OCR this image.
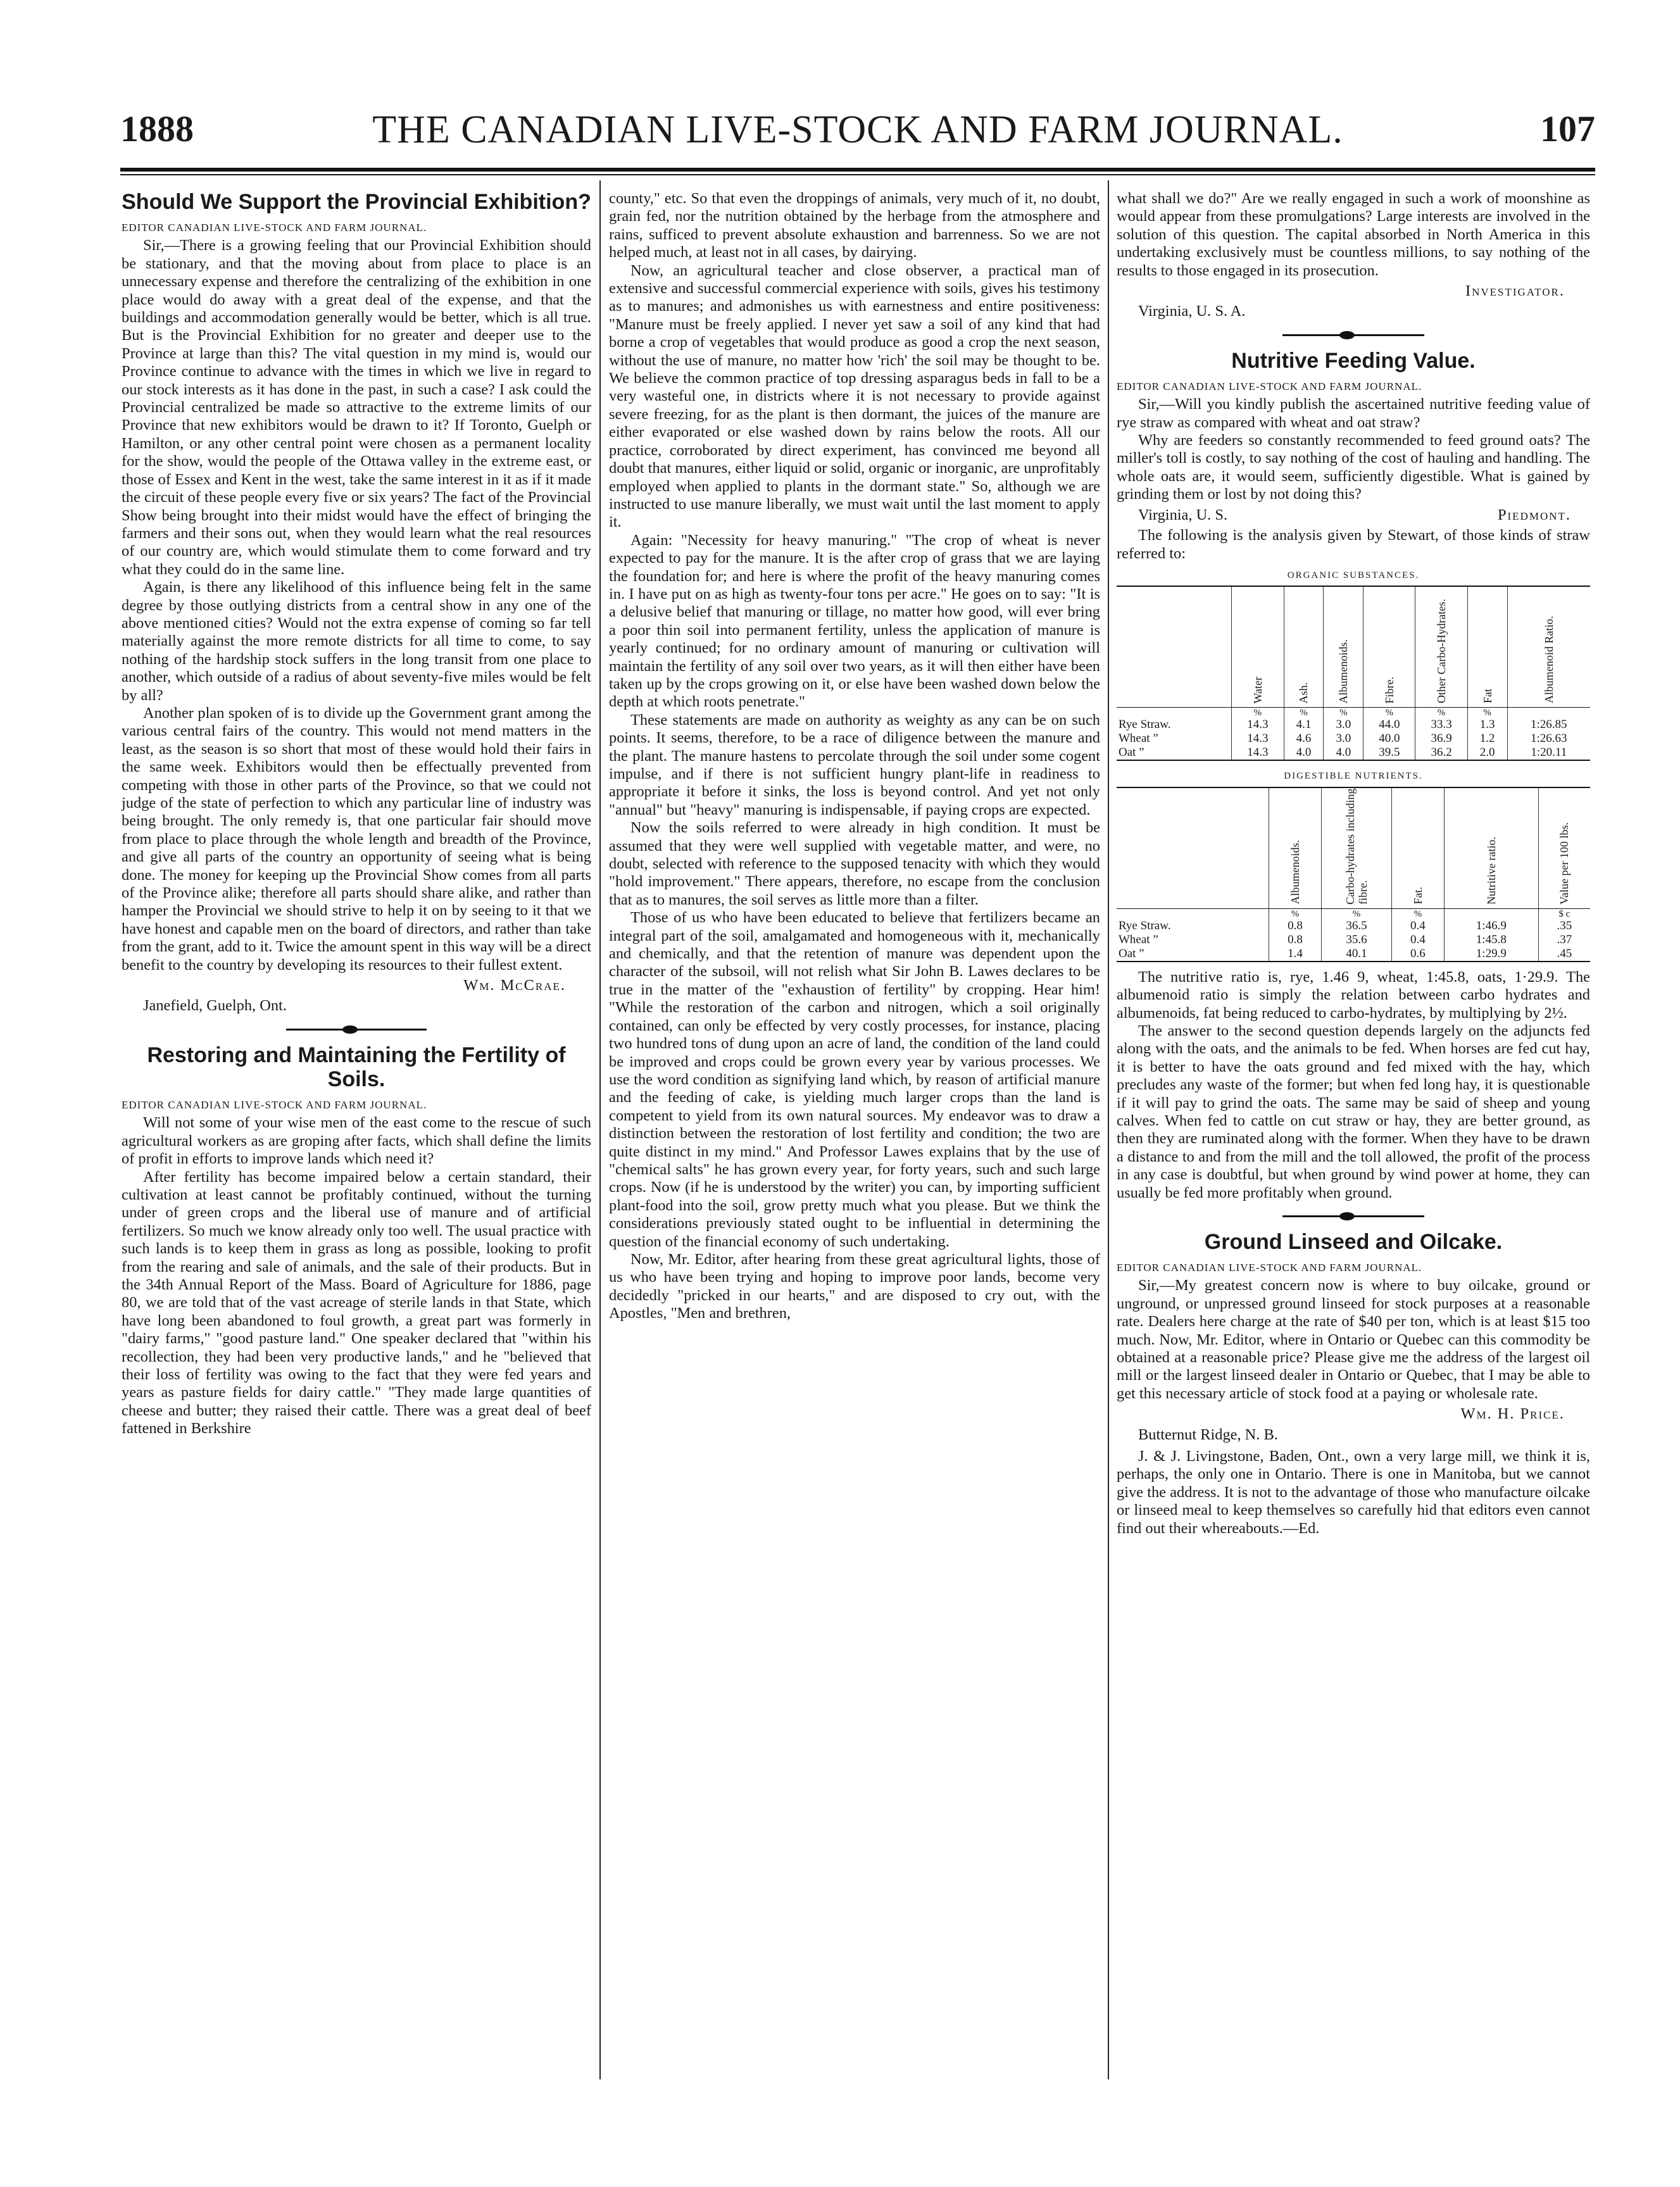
1888	THE CANADIAN LIVE-STOCK AND FARM JOURNAL.	107
Should We Support the Provincial Exhibition?

EDITOR CANADIAN LIVE-STOCK AND FARM JOURNAL.

Sir,—There is a growing feeling that our Provincial Exhibition should be stationary, and that the moving about from place to place is an unnecessary expense and therefore the centralizing of the exhibition in one place would do away with a great deal of the expense, and that the buildings and accommodation generally would be better, which is all true. But is the Provincial Exhibition for no greater and deeper use to the Province at large than this? The vital question in my mind is, would our Province continue to advance with the times in which we live in regard to our stock interests as it has done in the past, in such a case? I ask could the Provincial centralized be made so attractive to the extreme limits of our Province that new exhibitors would be drawn to it? If Toronto, Guelph or Hamilton, or any other central point were chosen as a permanent locality for the show, would the people of the Ottawa valley in the extreme east, or those of Essex and Kent in the west, take the same interest in it as if it made the circuit of these people every five or six years? The fact of the Provincial Show being brought into their midst would have the effect of bringing the farmers and their sons out, when they would learn what the real resources of our country are, which would stimulate them to come forward and try what they could do in the same line.

Again, is there any likelihood of this influence being felt in the same degree by those outlying districts from a central show in any one of the above mentioned cities? Would not the extra expense of coming so far tell materially against the more remote districts for all time to come, to say nothing of the hardship stock suffers in the long transit from one place to another, which outside of a radius of about seventy-five miles would be felt by all?

Another plan spoken of is to divide up the Government grant among the various central fairs of the country. This would not mend matters in the least, as the season is so short that most of these would hold their fairs in the same week. Exhibitors would then be effectually prevented from competing with those in other parts of the Province, so that we could not judge of the state of perfection to which any particular line of industry was being brought. The only remedy is, that one particular fair should move from place to place through the whole length and breadth of the Province, and give all parts of the country an opportunity of seeing what is being done. The money for keeping up the Provincial Show comes from all parts of the Province alike; therefore all parts should share alike, and rather than hamper the Provincial we should strive to help it on by seeing to it that we have honest and capable men on the board of directors, and rather than take from the grant, add to it. Twice the amount spent in this way will be a direct benefit to the country by developing its resources to their fullest extent.

Wm. McCrae.

Janefield, Guelph, Ont.

Restoring and Maintaining the Fertility of Soils.

EDITOR CANADIAN LIVE-STOCK AND FARM JOURNAL.

Will not some of your wise men of the east come to the rescue of such agricultural workers as are groping after facts, which shall define the limits of profit in efforts to improve lands which need it?

After fertility has become impaired below a certain standard, their cultivation at least cannot be profitably continued, without the turning under of green crops and the liberal use of manure and of artificial fertilizers. So much we know already only too well. The usual practice with such lands is to keep them in grass as long as possible, looking to profit from the rearing and sale of animals, and the sale of their products. But in the 34th Annual Report of the Mass. Board of Agriculture for 1886, page 80, we are told that of the vast acreage of sterile lands in that State, which have long been abandoned to foul growth, a great part was formerly in "dairy farms," "good pasture land." One speaker declared that "within his recollection, they had been very productive lands," and he "believed that their loss of fertility was owing to the fact that they were fed years and years as pasture fields for dairy cattle." "They made large quantities of cheese and butter; they raised their cattle. There was a great deal of beef fattened in Berkshire

county," etc. So that even the droppings of animals, very much of it, no doubt, grain fed, nor the nutrition obtained by the herbage from the atmosphere and rains, sufficed to prevent absolute exhaustion and barrenness. So we are not helped much, at least not in all cases, by dairying.

Now, an agricultural teacher and close observer, a practical man of extensive and successful commercial experience with soils, gives his testimony as to manures; and admonishes us with earnestness and entire positiveness: "Manure must be freely applied. I never yet saw a soil of any kind that had borne a crop of vegetables that would produce as good a crop the next season, without the use of manure, no matter how 'rich' the soil may be thought to be. We believe the common practice of top dressing asparagus beds in fall to be a very wasteful one, in districts where it is not necessary to provide against severe freezing, for as the plant is then dormant, the juices of the manure are either evaporated or else washed down by rains below the roots. All our practice, corroborated by direct experiment, has convinced me beyond all doubt that manures, either liquid or solid, organic or inorganic, are unprofitably employed when applied to plants in the dormant state." So, although we are instructed to use manure liberally, we must wait until the last moment to apply it.

Again: "Necessity for heavy manuring." "The crop of wheat is never expected to pay for the manure. It is the after crop of grass that we are laying the foundation for; and here is where the profit of the heavy manuring comes in. I have put on as high as twenty-four tons per acre." He goes on to say: "It is a delusive belief that manuring or tillage, no matter how good, will ever bring a poor thin soil into permanent fertility, unless the application of manure is yearly continued; for no ordinary amount of manuring or cultivation will maintain the fertility of any soil over two years, as it will then either have been taken up by the crops growing on it, or else have been washed down below the depth at which roots penetrate."

These statements are made on authority as weighty as any can be on such points. It seems, therefore, to be a race of diligence between the manure and the plant. The manure hastens to percolate through the soil under some cogent impulse, and if there is not sufficient hungry plant-life in readiness to appropriate it before it sinks, the loss is beyond control. And yet not only "annual" but "heavy" manuring is indispensable, if paying crops are expected.

Now the soils referred to were already in high condition. It must be assumed that they were well supplied with vegetable matter, and were, no doubt, selected with reference to the supposed tenacity with which they would "hold improvement." There appears, therefore, no escape from the conclusion that as to manures, the soil serves as little more than a filter.

Those of us who have been educated to believe that fertilizers became an integral part of the soil, amalgamated and homogeneous with it, mechanically and chemically, and that the retention of manure was dependent upon the character of the subsoil, will not relish what Sir John B. Lawes declares to be true in the matter of the "exhaustion of fertility" by cropping. Hear him! "While the restoration of the carbon and nitrogen, which a soil originally contained, can only be effected by very costly processes, for instance, placing two hundred tons of dung upon an acre of land, the condition of the land could be improved and crops could be grown every year by various processes. We use the word condition as signifying land which, by reason of artificial manure and the feeding of cake, is yielding much larger crops than the land is competent to yield from its own natural sources. My endeavor was to draw a distinction between the restoration of lost fertility and condition; the two are quite distinct in my mind." And Professor Lawes explains that by the use of "chemical salts" he has grown every year, for forty years, such and such large crops. Now (if he is understood by the writer) you can, by importing sufficient plant-food into the soil, grow pretty much what you please. But we think the considerations previously stated ought to be influential in determining the question of the financial economy of such undertaking.

Now, Mr. Editor, after hearing from these great agricultural lights, those of us who have been trying and hoping to improve poor lands, become very decidedly "pricked in our hearts," and are disposed to cry out, with the Apostles, "Men and brethren,

what shall we do?" Are we really engaged in such a work of moonshine as would appear from these promulgations? Large interests are involved in the solution of this question. The capital absorbed in North America in this undertaking exclusively must be countless millions, to say nothing of the results to those engaged in its prosecution.

Investigator.

Virginia, U. S. A.

Nutritive Feeding Value.

EDITOR CANADIAN LIVE-STOCK AND FARM JOURNAL.

Sir,—Will you kindly publish the ascertained nutritive feeding value of rye straw as compared with wheat and oat straw?

Why are feeders so constantly recommended to feed ground oats? The miller's toll is costly, to say nothing of the cost of hauling and handling. The whole oats are, it would seem, sufficiently digestible. What is gained by grinding them or lost by not doing this?

Virginia, U. S.	Piedmont.

The following is the analysis given by Stewart, of those kinds of straw referred to:

ORGANIC SUBSTANCES.

	Water	Ash.	Albumenoids.	Fibre.	Other Carbo-Hydrates.	Fat	Albumenoid Ratio.

	%	%	%	%	%	%	
Rye Straw.	14.3	4.1	3.0	44.0	33.3	1.3	1:26.85
Wheat ”	14.3	4.6	3.0	40.0	36.9	1.2	1:26.63
Oat ”	14.3	4.0	4.0	39.5	36.2	2.0	1:20.11
DIGESTIBLE NUTRIENTS.

	Albumenoids.	Carbo-hydrates including fibre.	Fat.	Nutritive ratio.	Value per 100 lbs.

	%	%	%		$ c
Rye Straw.	0.8	36.5	0.4	1:46.9	.35
Wheat ”	0.8	35.6	0.4	1:45.8	.37
Oat ”	1.4	40.1	0.6	1:29.9	.45

The nutritive ratio is, rye, 1.46 9, wheat, 1:45.8, oats, 1·29.9. The albumenoid ratio is simply the relation between carbo hydrates and albumenoids, fat being reduced to carbo-hydrates, by multiplying by 2½.

The answer to the second question depends largely on the adjuncts fed along with the oats, and the animals to be fed. When horses are fed cut hay, it is better to have the oats ground and fed mixed with the hay, which precludes any waste of the former; but when fed long hay, it is questionable if it will pay to grind the oats. The same may be said of sheep and young calves. When fed to cattle on cut straw or hay, they are better ground, as then they are ruminated along with the former. When they have to be drawn a distance to and from the mill and the toll allowed, the profit of the process in any case is doubtful, but when ground by wind power at home, they can usually be fed more profitably when ground.

Ground Linseed and Oilcake.

EDITOR CANADIAN LIVE-STOCK AND FARM JOURNAL.

Sir,—My greatest concern now is where to buy oilcake, ground or unground, or unpressed ground linseed for stock purposes at a reasonable rate. Dealers here charge at the rate of $40 per ton, which is at least $15 too much. Now, Mr. Editor, where in Ontario or Quebec can this commodity be obtained at a reasonable price? Please give me the address of the largest oil mill or the largest linseed dealer in Ontario or Quebec, that I may be able to get this necessary article of stock food at a paying or wholesale rate.

Wm. H. Price.

Butternut Ridge, N. B.

J. & J. Livingstone, Baden, Ont., own a very large mill, we think it is, perhaps, the only one in Ontario. There is one in Manitoba, but we cannot give the address. It is not to the advantage of those who manufacture oilcake or linseed meal to keep themselves so carefully hid that editors even cannot find out their whereabouts.—Ed.
